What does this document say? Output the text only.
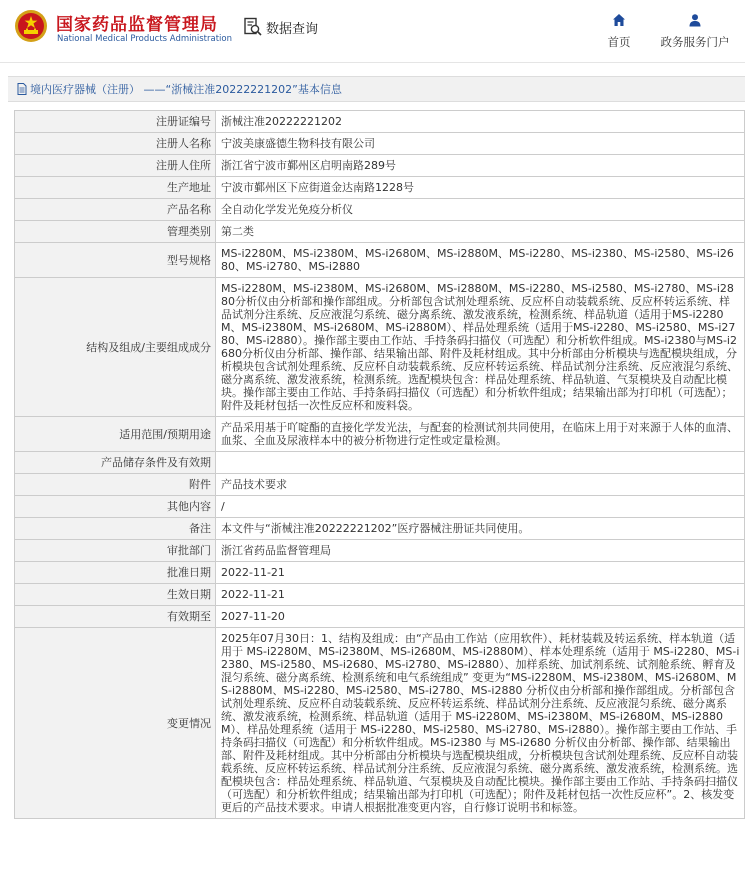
国家药品监督管理局
National Medical Products Administration
数据查询
首页	政务服务门户
境内医疗器械（注册） ——“浙械注准20222221202”基本信息
注册证编号	浙械注准20222221202
注册人名称	宁波美康盛德生物科技有限公司
注册人住所	浙江省宁波市鄞州区启明南路289号
生产地址	宁波市鄞州区下应街道金达南路1228号
产品名称	全自动化学发光免疫分析仪
管理类别	第二类
型号规格	MS-i2280M、MS-i2380M、MS-i2680M、MS-i2880M、MS-i2280、MS-i2380、MS-i2580、MS-i2680、MS-i2780、MS-i2880
结构及组成/主要组成成分	MS-i2280M、MS-i2380M、MS-i2680M、MS-i2880M、MS-i2280、MS-i2580、MS-i2780、MS-i2880分析仪由分析部和操作部组成。分析部包含试剂处理系统、反应杯自动装载系统、反应杯转运系统、样品试剂分注系统、反应液混匀系统、磁分离系统、激发液系统，检测系统、样品轨道（适用于MS-i2280M、MS-i2380M、MS-i2680M、MS-i2880M）、样品处理系统（适用于MS-i2280、MS-i2580、MS-i2780、MS-i2880）。操作部主要由工作站、手持条码扫描仪（可选配）和分析软件组成。MS-i2380与MS-i2680分析仪由分析部、操作部、结果输出部、附件及耗材组成。其中分析部由分析模块与选配模块组成，分析模块包含试剂处理系统、反应杯自动装载系统、反应杯转运系统、样品试剂分注系统、反应液混匀系统、磁分离系统、激发液系统，检测系统。选配模块包含：样品处理系统、样品轨道、气泵模块及自动配比模块。操作部主要由工作站、手持条码扫描仪（可选配）和分析软件组成；结果输出部为打印机（可选配）；附件及耗材包括一次性反应杯和废料袋。
适用范围/预期用途	产品采用基于吖啶酯的直接化学发光法，与配套的检测试剂共同使用，在临床上用于对来源于人体的血清、血浆、全血及尿液样本中的被分析物进行定性或定量检测。
产品储存条件及有效期	
附件	产品技术要求
其他内容	/
备注	本文件与“浙械注准20222221202”医疗器械注册证共同使用。
审批部门	浙江省药品监督管理局
批准日期	2022-11-21
生效日期	2022-11-21
有效期至	2027-11-20
变更情况	2025年07月30日：1、结构及组成：由“产品由工作站（应用软件）、耗材装载及转运系统、样本轨道（适用于 MS-i2280M、MS-i2380M、MS-i2680M、MS-i2880M）、样本处理系统（适用于 MS-i2280、MS-i2380、MS-i2580、MS-i2680、MS-i2780、MS-i2880）、加样系统、加试剂系统、试剂舱系统、孵育及混匀系统、磁分离系统、检测系统和电气系统组成” 变更为“MS-i2280M、MS-i2380M、MS-i2680M、MS-i2880M、MS-i2280、MS-i2580、MS-i2780、MS-i2880 分析仪由分析部和操作部组成。分析部包含试剂处理系统、反应杯自动装载系统、反应杯转运系统、样品试剂分注系统、反应液混匀系统、磁分离系统、激发液系统，检测系统、样品轨道（适用于 MS-i2280M、MS-i2380M、MS-i2680M、MS-i2880M）、样品处理系统（适用于 MS-i2280、MS-i2580、MS-i2780、MS-i2880）。操作部主要由工作站、手持条码扫描仪（可选配）和分析软件组成。MS-i2380 与 MS-i2680 分析仪由分析部、操作部、结果输出部、附件及耗材组成。其中分析部由分析模块与选配模块组成，分析模块包含试剂处理系统、反应杯自动装载系统、反应杯转运系统、样品试剂分注系统、反应液混匀系统、磁分离系统、激发液系统，检测系统。选配模块包含：样品处理系统、样品轨道、气泵模块及自动配比模块。操作部主要由工作站、手持条码扫描仪（可选配）和分析软件组成；结果输出部为打印机（可选配）；附件及耗材包括一次性反应杯”。2、核发变更后的产品技术要求。申请人根据批准变更内容，自行修订说明书和标签。
